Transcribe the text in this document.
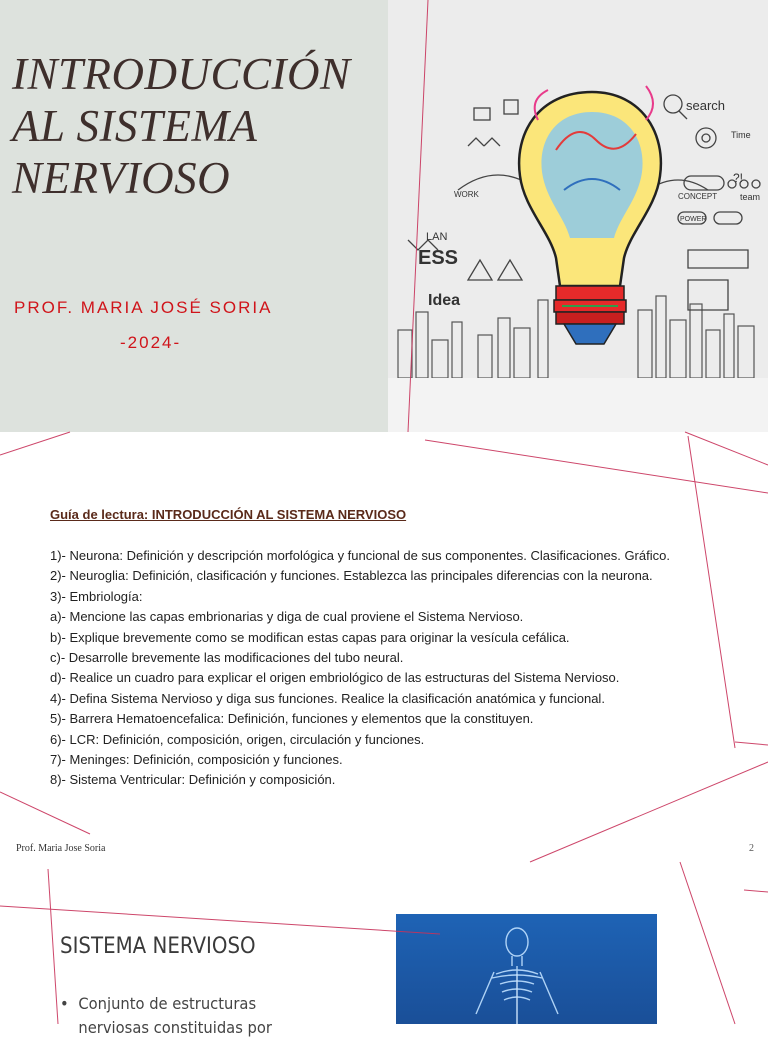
search
Time
team
Idea
WORK	CONCEPT
POWER
ESS
?!
LAN
INTRODUCCIÓN
AL SISTEMA
NERVIOSO

PROF. MARIA JOSÉ SORIA

-2024-

Guía de lectura: INTRODUCCIÓN AL SISTEMA NERVIOSO
1)- Neurona: Definición y descripción morfológica y funcional de sus componentes. Clasificaciones. Gráfico.
2)- Neuroglia: Definición, clasificación y funciones. Establezca las principales diferencias con la neurona.
3)- Embriología:
a)- Mencione las capas embrionarias y diga de cual proviene el Sistema Nervioso.
b)- Explique brevemente como se modifican estas capas para originar la vesícula cefálica.
c)- Desarrolle brevemente las modificaciones del tubo neural.
d)- Realice un cuadro para explicar el origen embriológico de las estructuras del Sistema Nervioso.
4)- Defina Sistema Nervioso y diga sus funciones. Realice la clasificación anatómica y funcional.
5)- Barrera Hematoencefalica: Definición, funciones y elementos que la constituyen.
6)- LCR: Definición, composición, origen, circulación y funciones.
7)- Meninges: Definición, composición y funciones.
8)- Sistema Ventricular: Definición y composición.

Prof. Maria Jose Soria	2

SISTEMA NERVIOSO
• Conjunto de estructuras
nerviosas constituidas por
